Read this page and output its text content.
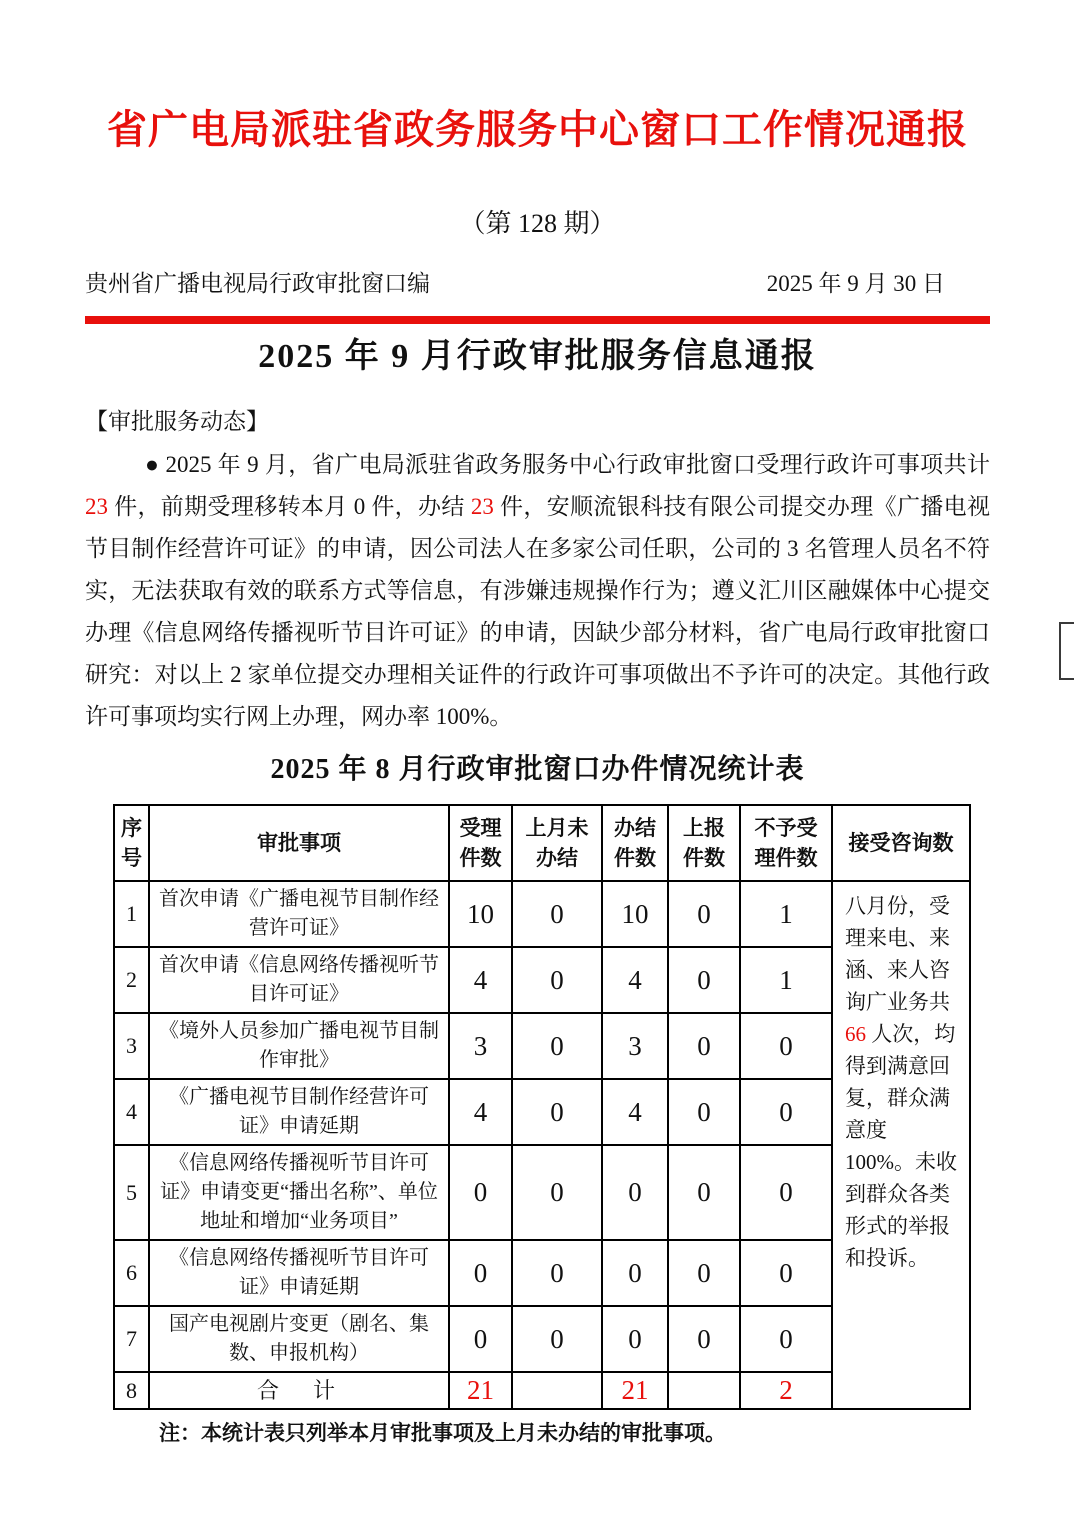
省广电局派驻省政务服务中心窗口工作情况通报
（第 128 期）
贵州省广播电视局行政审批窗口编	2025 年 9 月 30 日
2025 年 9 月行政审批服务信息通报
【审批服务动态】

● 2025 年 9 月，省广电局派驻省政务服务中心行政审批窗口受理行政许可事项共计 23 件，前期受理移转本月 0 件，办结 23 件，安顺流银科技有限公司提交办理《广播电视节目制作经营许可证》的申请，因公司法人在多家公司任职，公司的 3 名管理人员名不符实，无法获取有效的联系方式等信息，有涉嫌违规操作行为；遵义汇川区融媒体中心提交办理《信息网络传播视听节目许可证》的申请，因缺少部分材料，省广电局行政审批窗口研究：对以上 2 家单位提交办理相关证件的行政许可事项做出不予许可的决定。其他行政许可事项均实行网上办理，网办率 100%。

2025 年 8 月行政审批窗口办件情况统计表
序号	审批事项	受理件数	上月未办结	办结件数	上报件数	不予受理件数	接受咨询数
1	首次申请《广播电视节目制作经营许可证》	10	0	10	0	1	八月份，受理来电、来涵、来人咨询广业务共 66 人次，均得到满意回复，群众满意度 100%。未收到群众各类形式的举报和投诉。
2	首次申请《信息网络传播视听节目许可证》	4	0	4	0	1	
3	《境外人员参加广播电视节目制作审批》	3	0	3	0	0	
4	《广播电视节目制作经营许可证》申请延期	4	0	4	0	0	
5	《信息网络传播视听节目许可证》申请变更“播出名称”、单位地址和增加“业务项目”	0	0	0	0	0	
6	《信息网络传播视听节目许可证》申请延期	0	0	0	0	0	
7	国产电视剧片变更（剧名、集数、申报机构）	0	0	0	0	0	
8	合　计	21		21		2	
注：本统计表只列举本月审批事项及上月未办结的审批事项。
